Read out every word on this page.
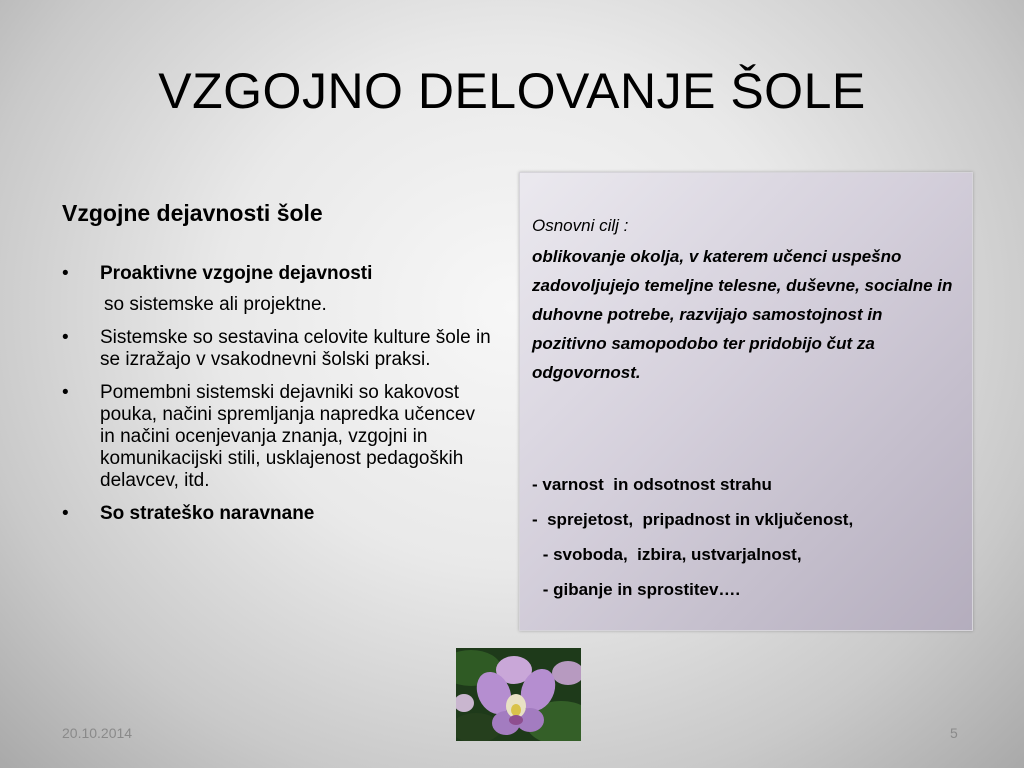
VZGOJNO DELOVANJE ŠOLE
Vzgojne dejavnosti šole
•	Proaktivne vzgojne dejavnosti
so sistemske ali projektne.
•	Sistemske so sestavina celovite kulture šole in se izražajo v vsakodnevni šolski praksi.
•	Pomembni sistemski dejavniki so kakovost pouka, načini spremljanja napredka učencev in načini ocenjevanja znanja, vzgojni in komunikacijski stili, usklajenost pedagoških delavcev, itd.
•	So strateško naravnane
Osnovni cilj :
oblikovanje okolja, v katerem učenci uspešno zadovoljujejo temeljne telesne, duševne, socialne in duhovne potrebe, razvijajo samostojnost in pozitivno samopodobo ter pridobijo čut za odgovornost.
- varnost  in odsotnost strahu
-  sprejetost,  pripadnost in vključenost,
- svoboda,  izbira, ustvarjalnost,
- gibanje in sprostitev….
20.10.2014	5
